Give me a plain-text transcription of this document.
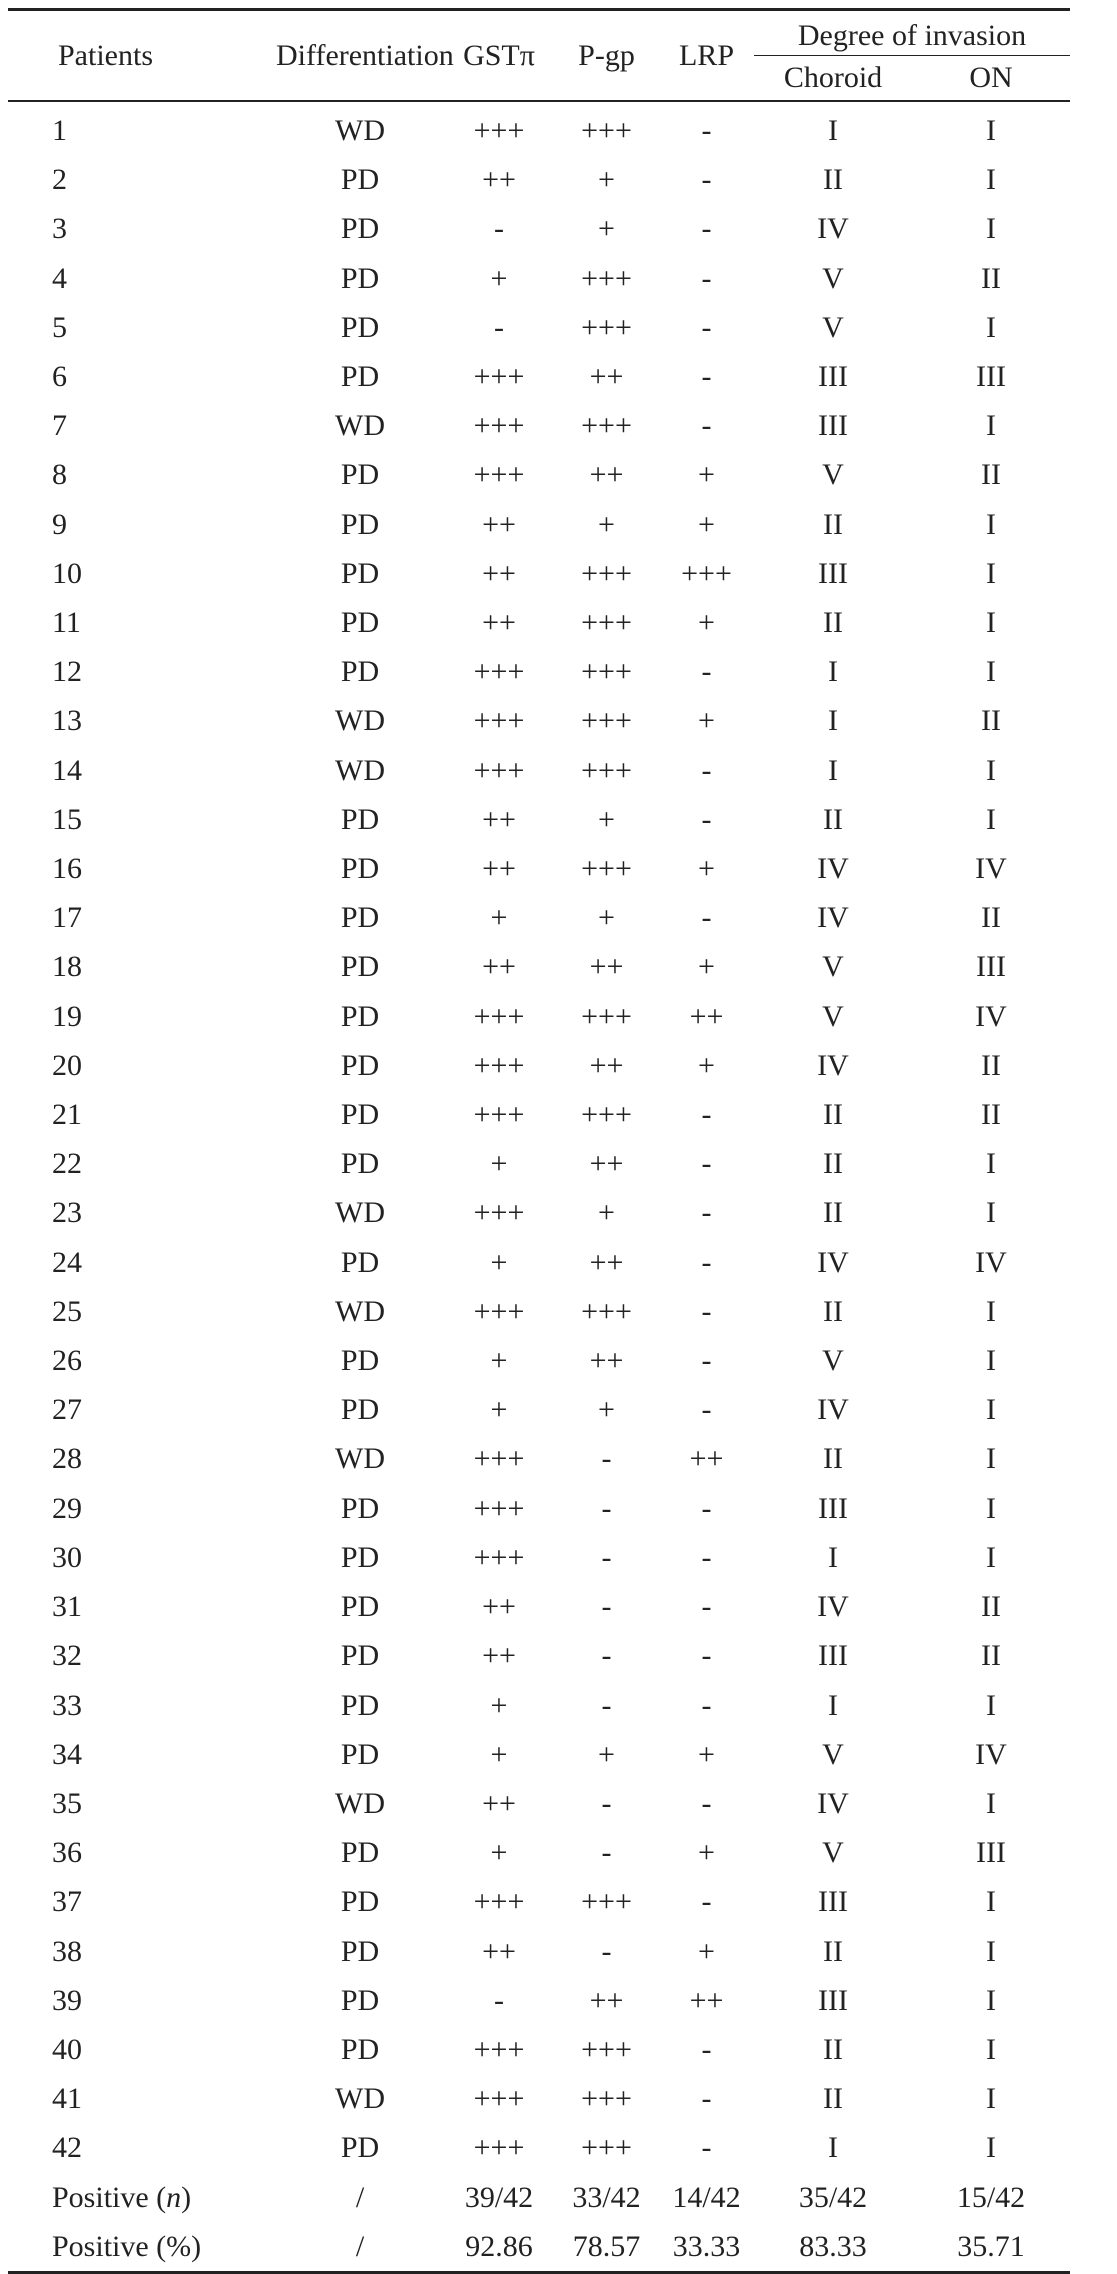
Patients	Differentiation	GSTπ	P-gp	LRP	Degree of invasion	
					Choroid	ON
1	WD	+++	+++	-	I	I
2	PD	++	+	-	II	I
3	PD	-	+	-	IV	I
4	PD	+	+++	-	V	II
5	PD	-	+++	-	V	I
6	PD	+++	++	-	III	III
7	WD	+++	+++	-	III	I
8	PD	+++	++	+	V	II
9	PD	++	+	+	II	I
10	PD	++	+++	+++	III	I
11	PD	++	+++	+	II	I
12	PD	+++	+++	-	I	I
13	WD	+++	+++	+	I	II
14	WD	+++	+++	-	I	I
15	PD	++	+	-	II	I
16	PD	++	+++	+	IV	IV
17	PD	+	+	-	IV	II
18	PD	++	++	+	V	III
19	PD	+++	+++	++	V	IV
20	PD	+++	++	+	IV	II
21	PD	+++	+++	-	II	II
22	PD	+	++	-	II	I
23	WD	+++	+	-	II	I
24	PD	+	++	-	IV	IV
25	WD	+++	+++	-	II	I
26	PD	+	++	-	V	I
27	PD	+	+	-	IV	I
28	WD	+++	-	++	II	I
29	PD	+++	-	-	III	I
30	PD	+++	-	-	I	I
31	PD	++	-	-	IV	II
32	PD	++	-	-	III	II
33	PD	+	-	-	I	I
34	PD	+	+	+	V	IV
35	WD	++	-	-	IV	I
36	PD	+	-	+	V	III
37	PD	+++	+++	-	III	I
38	PD	++	-	+	II	I
39	PD	-	++	++	III	I
40	PD	+++	+++	-	II	I
41	WD	+++	+++	-	II	I
42	PD	+++	+++	-	I	I
Positive (n)	/	39/42	33/42	14/42	35/42	15/42
Positive (%)	/	92.86	78.57	33.33	83.33	35.71
